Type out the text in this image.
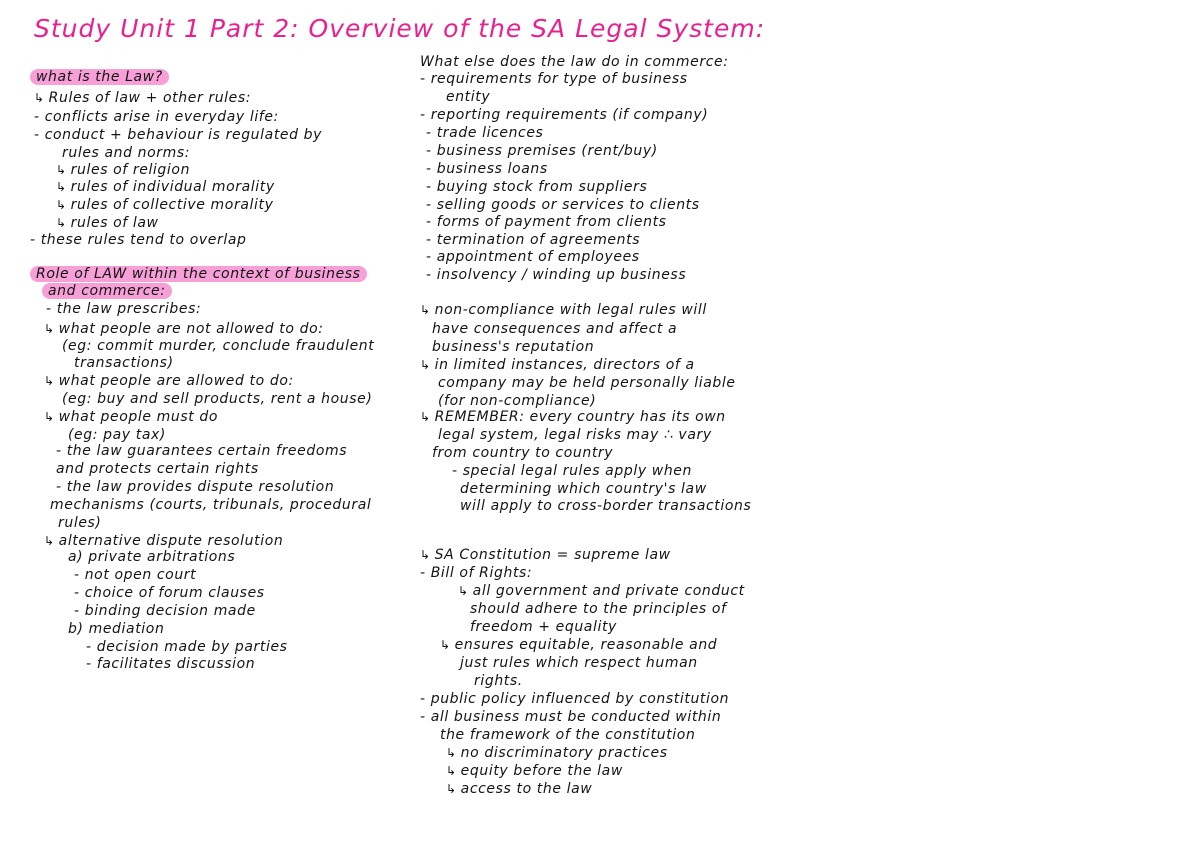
Study Unit 1 Part 2: Overview of the SA Legal System:
what is the Law?
↳ Rules of law + other rules:
- conflicts arise in everyday life:
- conduct + behaviour is regulated by
rules and norms:
↳ rules of religion
↳ rules of individual morality
↳ rules of collective morality
↳ rules of law
- these rules tend to overlap
Role of LAW within the context of business
and commerce:
- the law prescribes:
↳ what people are not allowed to do:
(eg: commit murder, conclude fraudulent
transactions)
↳ what people are allowed to do:
(eg: buy and sell products, rent a house)
↳ what people must do
(eg: pay tax)
- the law guarantees certain freedoms
and protects certain rights
- the law provides dispute resolution
mechanisms (courts, tribunals, procedural
rules)
↳ alternative dispute resolution
a) private arbitrations
- not open court
- choice of forum clauses
- binding decision made
b) mediation
- decision made by parties
- facilitates discussion
What else does the law do in commerce:
- requirements for type of business
entity
- reporting requirements (if company)
- trade licences
- business premises (rent/buy)
- business loans
- buying stock from suppliers
- selling goods or services to clients
- forms of payment from clients
- termination of agreements
- appointment of employees
- insolvency / winding up business
↳ non-compliance with legal rules will
have consequences and affect a
business's reputation
↳ in limited instances, directors of a
company may be held personally liable
(for non-compliance)
↳ REMEMBER: every country has its own
legal system, legal risks may ∴ vary
from country to country
- special legal rules apply when
determining which country's law
will apply to cross-border transactions
↳ SA Constitution = supreme law
- Bill of Rights:
↳ all government and private conduct
should adhere to the principles of
freedom + equality
↳ ensures equitable, reasonable and
just rules which respect human
rights.
- public policy influenced by constitution
- all business must be conducted within
the framework of the constitution
↳ no discriminatory practices
↳ equity before the law
↳ access to the law
